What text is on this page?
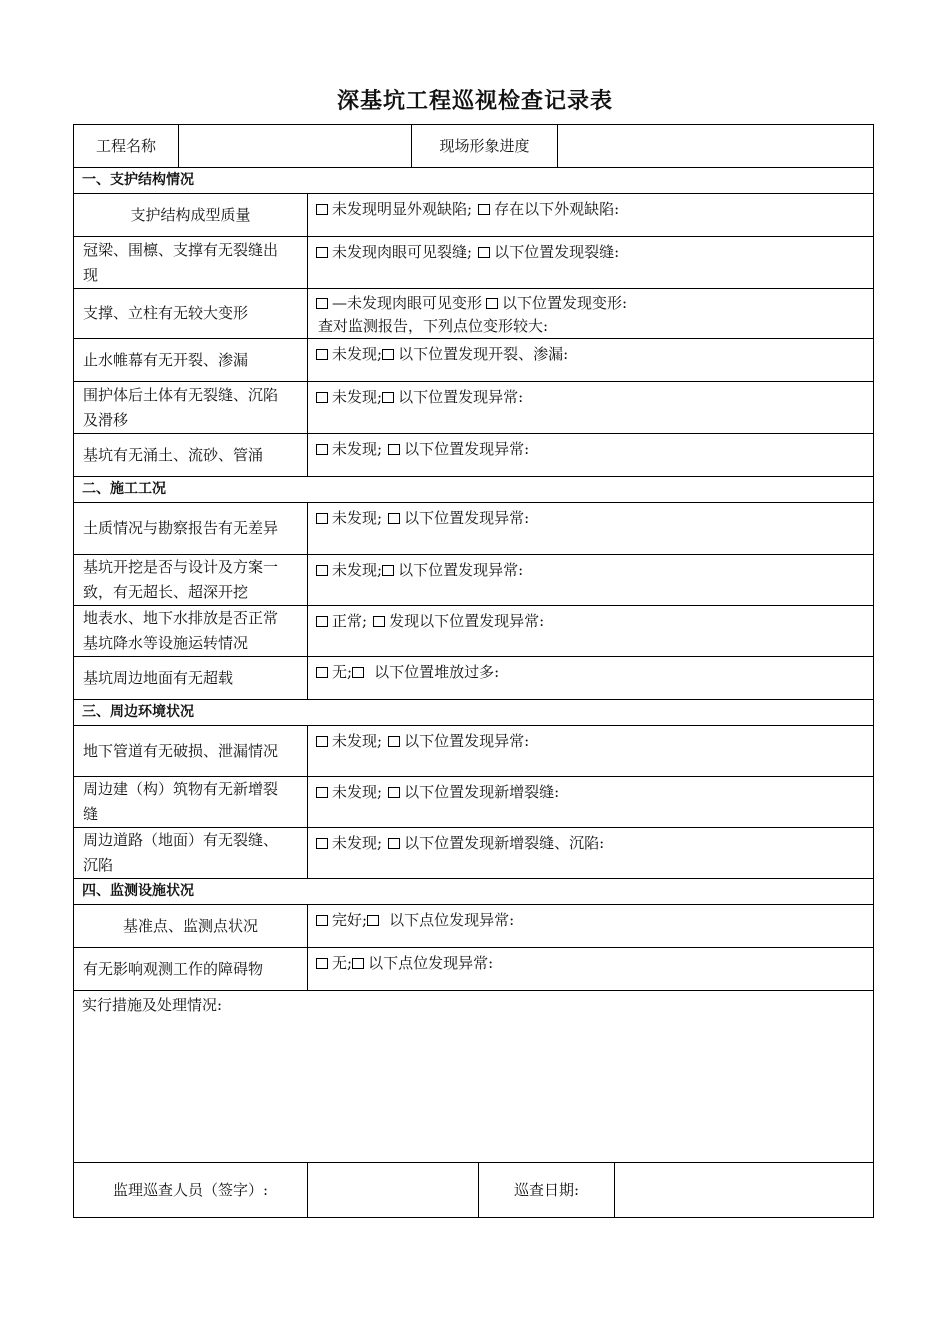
深基坑工程巡视检查记录表
工程名称			现场形象进度			
一、支护结构情况						
支护结构成型质量		未发现明显外观缺陷; 存在以下外观缺陷:				
冠梁、围檩、支撑有无裂缝出现		未发现肉眼可见裂缝; 以下位置发现裂缝:				
支撑、立柱有无较大变形		—未发现肉眼可见变形 以下位置发现变形:
查对监测报告，下列点位变形较大:				

止水帷幕有无开裂、渗漏		未发现; 以下位置发现开裂、渗漏:				
围护体后土体有无裂缝、沉陷及滑移		未发现; 以下位置发现异常:				
基坑有无涌土、流砂、管涌		未发现; 以下位置发现异常:				
二、施工工况						
土质情况与勘察报告有无差异		未发现; 以下位置发现异常:				
基坑开挖是否与设计及方案一致，有无超长、超深开挖		未发现; 以下位置发现异常:				
地表水、地下水排放是否正常基坑降水等设施运转情况		正常; 发现以下位置发现异常:				
基坑周边地面有无超载		无; 以下位置堆放过多:				
三、周边环境状况						
地下管道有无破损、泄漏情况		未发现; 以下位置发现异常:				
周边建（构）筑物有无新增裂缝		未发现; 以下位置发现新增裂缝:				
周边道路（地面）有无裂缝、沉陷		未发现; 以下位置发现新增裂缝、沉陷:				
四、监测设施状况						
基准点、监测点状况		完好; 以下点位发现异常:				
有无影响观测工作的障碍物		无; 以下点位发现异常:				
实行措施及处理情况:						
监理巡查人员（签字）:				巡查日期:		
